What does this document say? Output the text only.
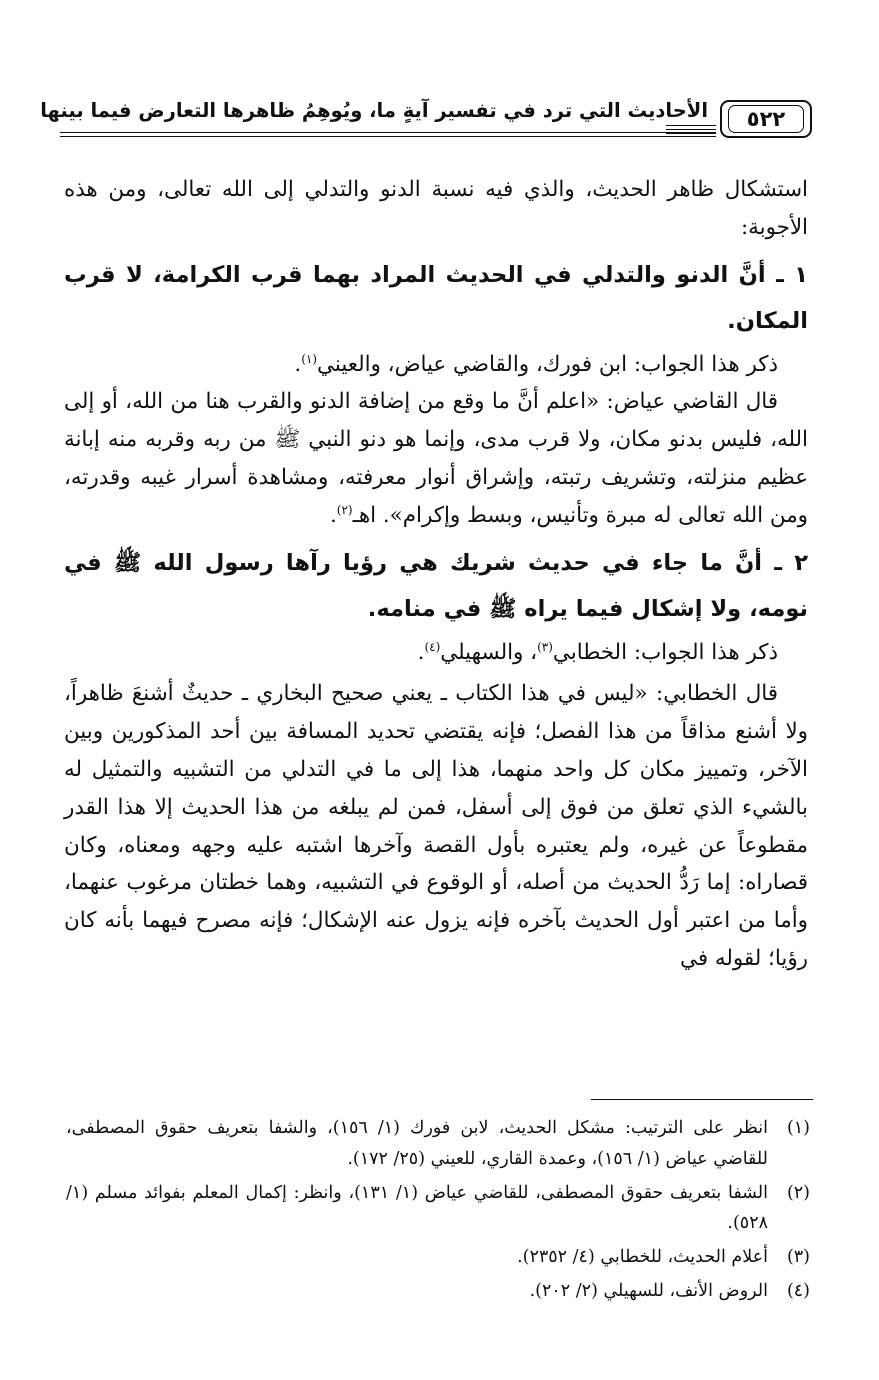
٥٢٢
الأحاديث التي ترد في تفسير آيةٍ ما، ويُوهِمُ ظاهرها التعارض فيما بينها

استشكال ظاهر الحديث، والذي فيه نسبة الدنو والتدلي إلى الله تعالى، ومن هذه الأجوبة:

١ ـ أنَّ الدنو والتدلي في الحديث المراد بهما قرب الكرامة، لا قرب المكان.

ذكر هذا الجواب: ابن فورك، والقاضي عياض، والعيني$^{(١)}$.

قال القاضي عياض: «اعلم أنَّ ما وقع من إضافة الدنو والقرب هنا من الله، أو إلى الله، فليس بدنو مكان، ولا قرب مدى، وإنما هو دنو النبي ﷺ من ربه وقربه منه إبانة عظيم منزلته، وتشريف رتبته، وإشراق أنوار معرفته، ومشاهدة أسرار غيبه وقدرته، ومن الله تعالى له مبرة وتأنيس، وبسط وإكرام». اهـ$^{(٢)}$.

٢ ـ أنَّ ما جاء في حديث شريك هي رؤيا رآها رسول الله ﷺ في نومه، ولا إشكال فيما يراه ﷺ في منامه.

ذكر هذا الجواب: الخطابي$^{(٣)}$، والسهيلي$^{(٤)}$.

قال الخطابي: «ليس في هذا الكتاب ـ يعني صحيح البخاري ـ حديثٌ أشنعَ ظاهراً، ولا أشنع مذاقاً من هذا الفصل؛ فإنه يقتضي تحديد المسافة بين أحد المذكورين وبين الآخر، وتمييز مكان كل واحد منهما، هذا إلى ما في التدلي من التشبيه والتمثيل له بالشيء الذي تعلق من فوق إلى أسفل، فمن لم يبلغه من هذا الحديث إلا هذا القدر مقطوعاً عن غيره، ولم يعتبره بأول القصة وآخرها اشتبه عليه وجهه ومعناه، وكان قصاراه: إما رَدُّ الحديث من أصله، أو الوقوع في التشبيه، وهما خطتان مرغوب عنهما، وأما من اعتبر أول الحديث بآخره فإنه يزول عنه الإشكال؛ فإنه مصرح فيهما بأنه كان رؤيا؛ لقوله في

(١)
انظر على الترتيب: مشكل الحديث، لابن فورك (١/ ١٥٦)، والشفا بتعريف حقوق المصطفى، للقاضي عياض (١/ ١٥٦)، وعمدة القاري، للعيني (٢٥/ ١٧٢).
(٢)
الشفا بتعريف حقوق المصطفى، للقاضي عياض (١/ ١٣١)، وانظر: إكمال المعلم بفوائد مسلم (١/ ٥٢٨).
(٣)
أعلام الحديث، للخطابي (٤/ ٢٣٥٢).
(٤)
الروض الأنف، للسهيلي (٢/ ٢٠٢).
